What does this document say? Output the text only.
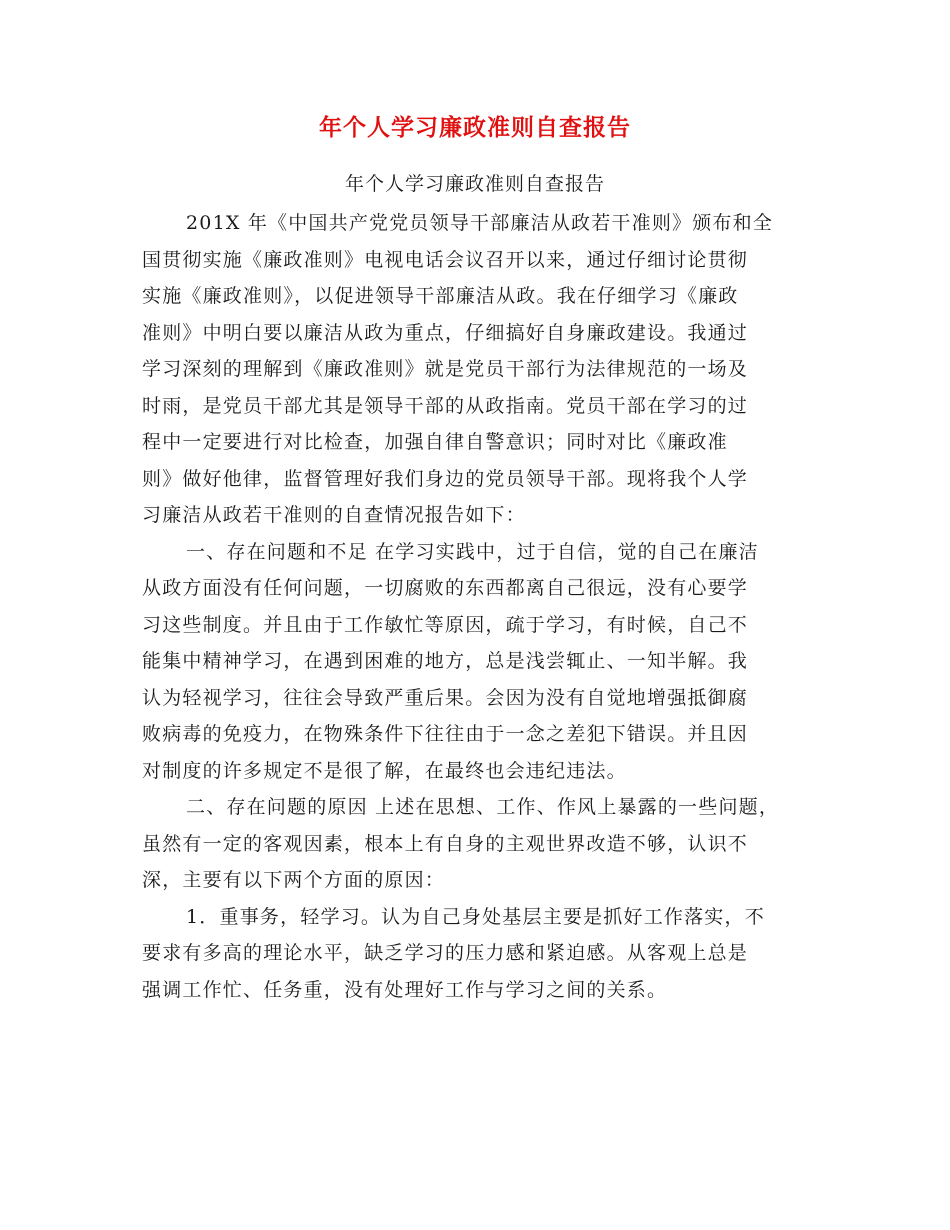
年个人学习廉政准则自查报告
年个人学习廉政准则自查报告
201X 年《中国共产党党员领导干部廉洁从政若干准则》颁布和全
国贯彻实施《廉政准则》电视电话会议召开以来，通过仔细讨论贯彻
实施《廉政准则》，以促进领导干部廉洁从政。我在仔细学习《廉政
准则》中明白要以廉洁从政为重点，仔细搞好自身廉政建设。我通过
学习深刻的理解到《廉政准则》就是党员干部行为法律规范的一场及
时雨，是党员干部尤其是领导干部的从政指南。党员干部在学习的过
程中一定要进行对比检查，加强自律自警意识；同时对比《廉政准
则》做好他律，监督管理好我们身边的党员领导干部。现将我个人学
习廉洁从政若干准则的自查情况报告如下：
一、存在问题和不足 在学习实践中，过于自信，觉的自己在廉洁
从政方面没有任何问题，一切腐败的东西都离自己很远，没有心要学
习这些制度。并且由于工作敏忙等原因，疏于学习，有时候，自己不
能集中精神学习，在遇到困难的地方，总是浅尝辄止、一知半解。我
认为轻视学习，往往会导致严重后果。会因为没有自觉地增强抵御腐
败病毒的免疫力，在物殊条件下往往由于一念之差犯下错误。并且因
对制度的许多规定不是很了解，在最终也会违纪违法。
二、存在问题的原因 上述在思想、工作、作风上暴露的一些问题，
虽然有一定的客观因素，根本上有自身的主观世界改造不够，认识不
深，主要有以下两个方面的原因：
1．重事务，轻学习。认为自己身处基层主要是抓好工作落实，不
要求有多高的理论水平，缺乏学习的压力感和紧迫感。从客观上总是
强调工作忙、任务重，没有处理好工作与学习之间的关系。
